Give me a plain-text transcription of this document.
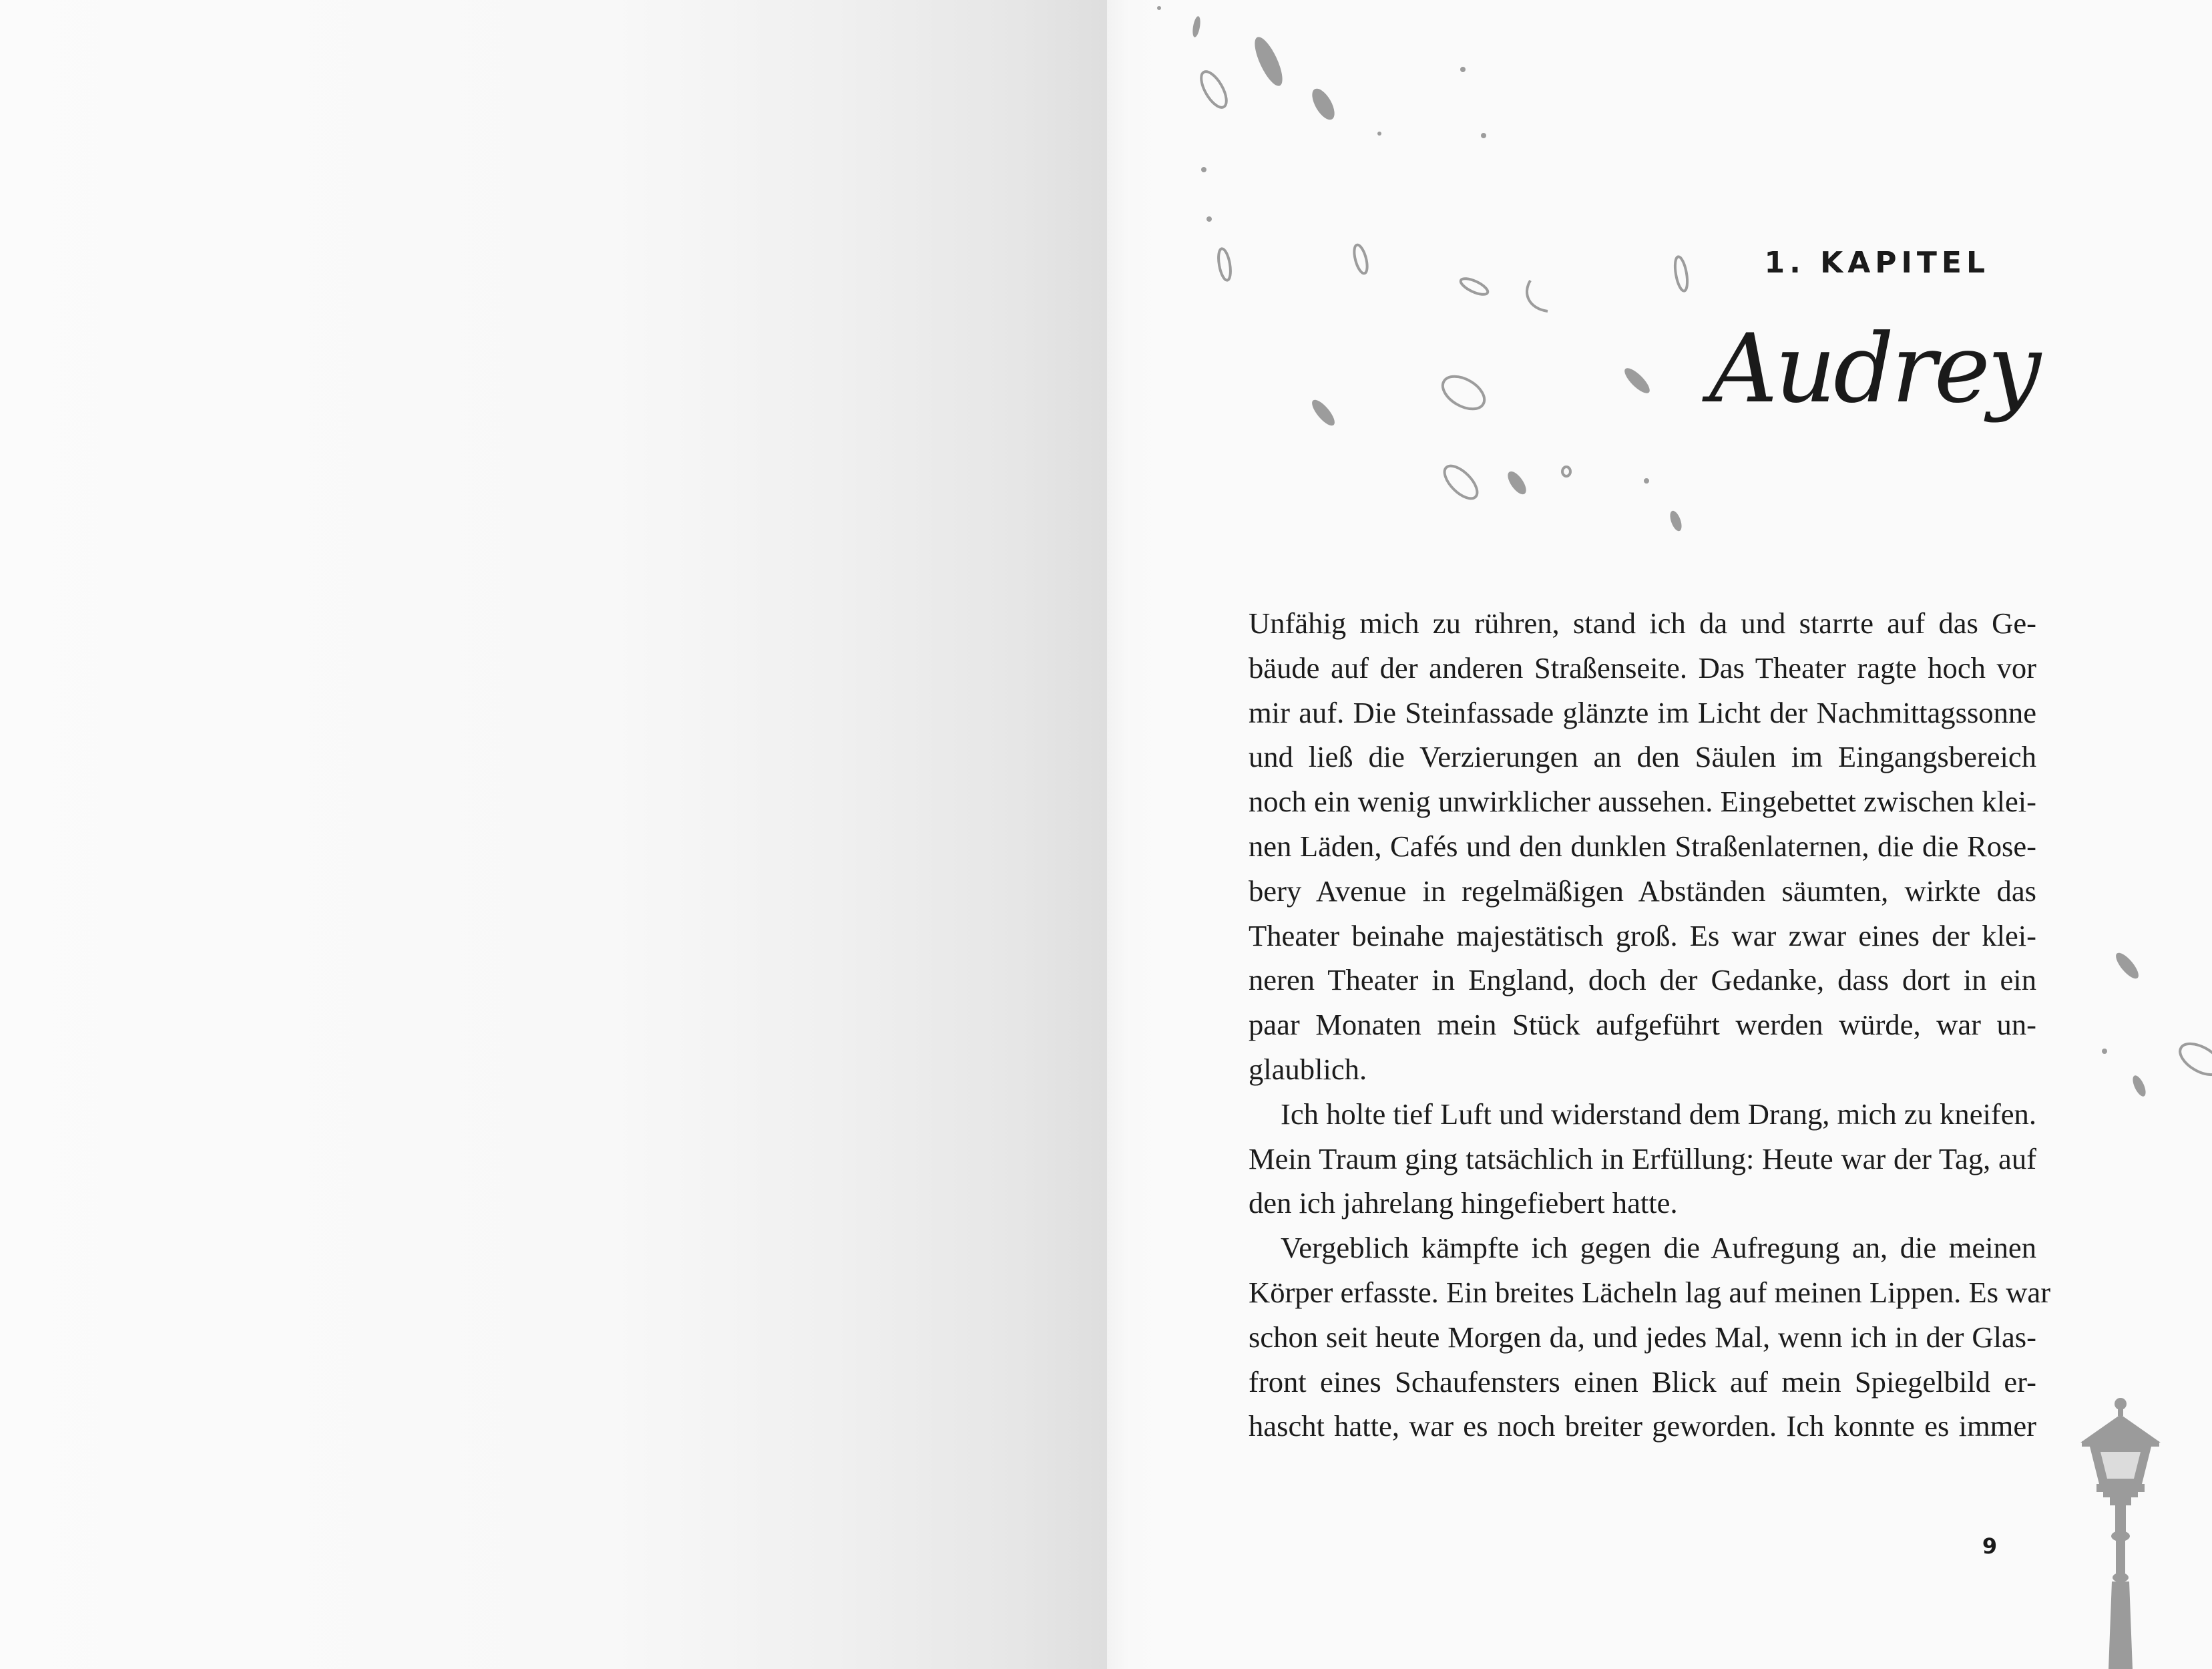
1. KAPITEL
Audrey
Unfähig mich zu rühren, stand ich da und starrte auf das Ge-
bäude auf der anderen Straßenseite. Das Theater ragte hoch vor
mir auf. Die Steinfassade glänzte im Licht der Nachmittagssonne
und ließ die Verzierungen an den Säulen im Eingangsbereich
noch ein wenig unwirklicher aussehen. Eingebettet zwischen klei-
nen Läden, Cafés und den dunklen Straßenlaternen, die die Rose-
bery Avenue in regelmäßigen Abständen säumten, wirkte das
Theater beinahe majestätisch groß. Es war zwar eines der klei-
neren Theater in England, doch der Gedanke, dass dort in ein
paar Monaten mein Stück aufgeführt werden würde, war un-
glaublich.
Ich holte tief Luft und widerstand dem Drang, mich zu kneifen.
Mein Traum ging tatsächlich in Erfüllung: Heute war der Tag, auf
den ich jahrelang hingefiebert hatte.
Vergeblich kämpfte ich gegen die Aufregung an, die meinen
Körper erfasste. Ein breites Lächeln lag auf meinen Lippen. Es war
schon seit heute Morgen da, und jedes Mal, wenn ich in der Glas-
front eines Schaufensters einen Blick auf mein Spiegelbild er-
hascht hatte, war es noch breiter geworden. Ich konnte es immer
9
